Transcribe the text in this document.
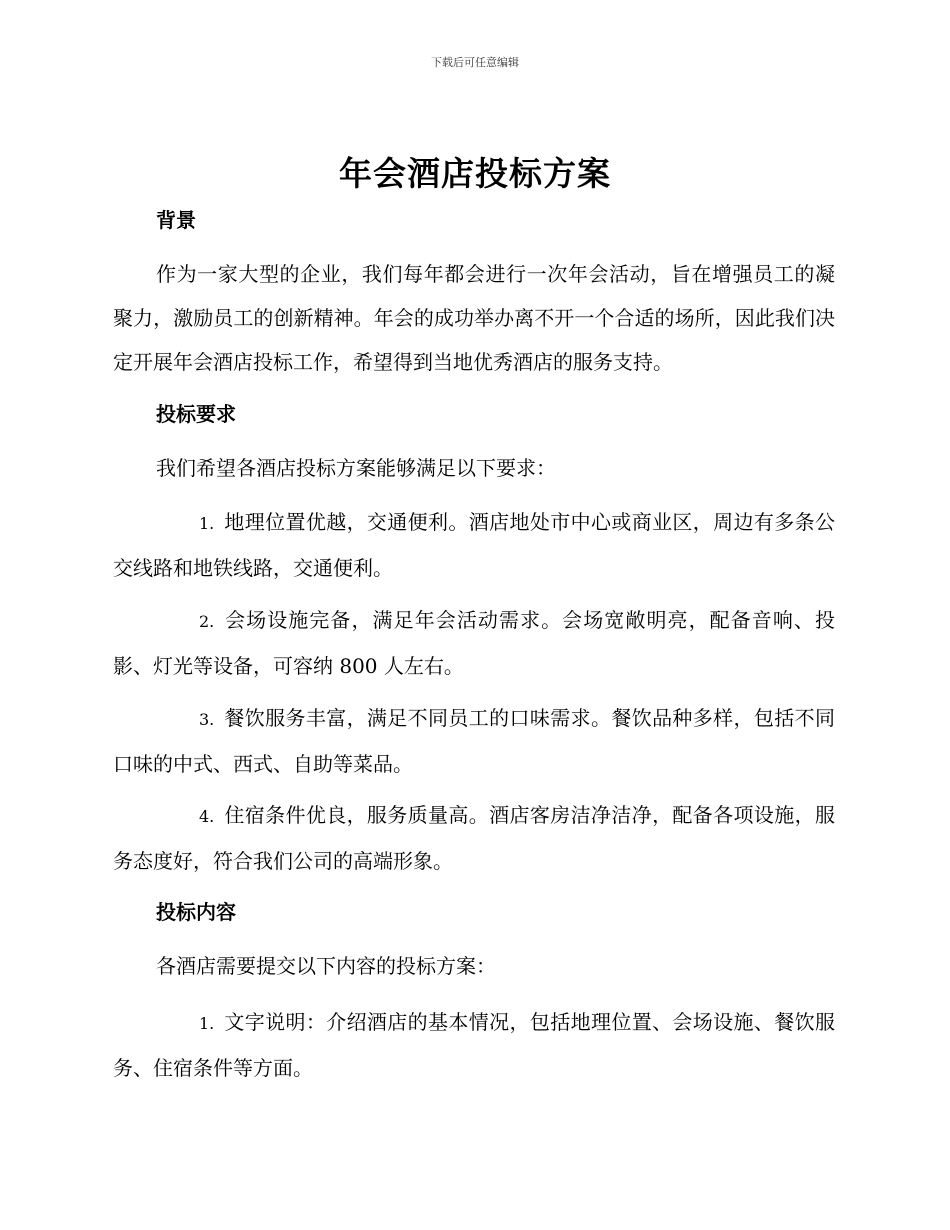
下载后可任意编辑
年会酒店投标方案

背景

作为一家大型的企业，我们每年都会进行一次年会活动，旨在增强员工的凝聚力，激励员工的创新精神。年会的成功举办离不开一个合适的场所，因此我们决定开展年会酒店投标工作，希望得到当地优秀酒店的服务支持。

投标要求

我们希望各酒店投标方案能够满足以下要求：

1. 地理位置优越，交通便利。酒店地处市中心或商业区，周边有多条公交线路和地铁线路，交通便利。

2. 会场设施完备，满足年会活动需求。会场宽敞明亮，配备音响、投影、灯光等设备，可容纳 800 人左右。

3. 餐饮服务丰富，满足不同员工的口味需求。餐饮品种多样，包括不同口味的中式、西式、自助等菜品。

4. 住宿条件优良，服务质量高。酒店客房洁净洁净，配备各项设施，服务态度好，符合我们公司的高端形象。

投标内容

各酒店需要提交以下内容的投标方案：

1. 文字说明：介绍酒店的基本情况，包括地理位置、会场设施、餐饮服务、住宿条件等方面。
